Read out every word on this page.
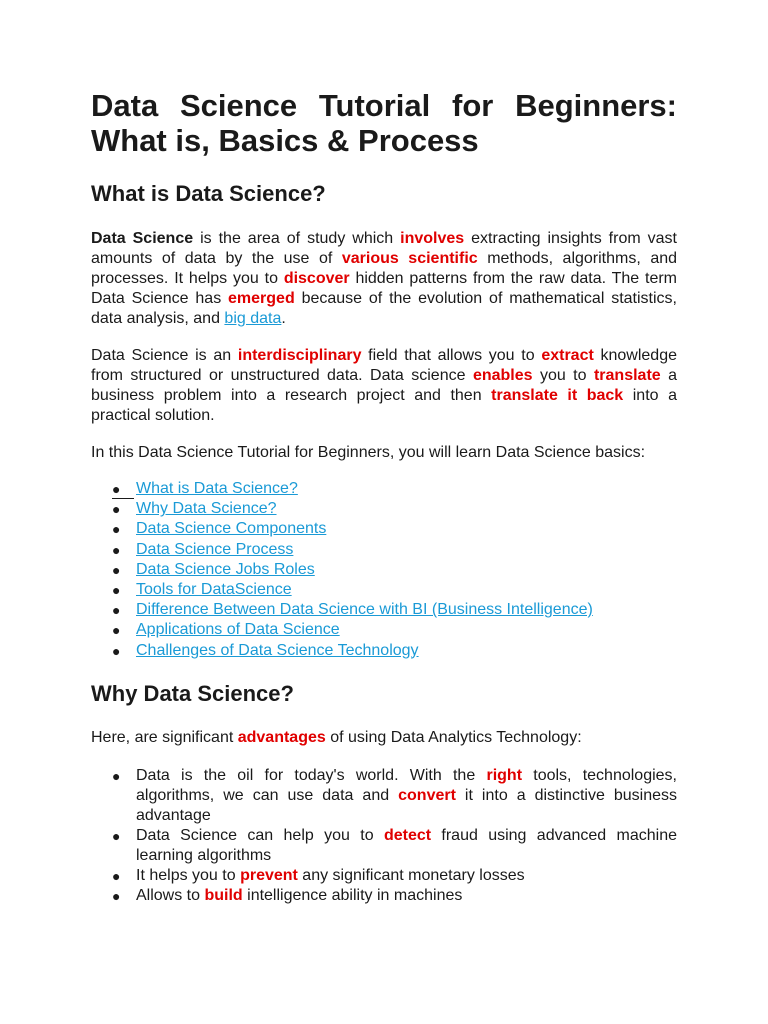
Data Science Tutorial for Beginners: What is, Basics & Process
What is Data Science?

Data Science is the area of study which involves extracting insights from vast amounts of data by the use of various scientific methods, algorithms, and processes. It helps you to discover hidden patterns from the raw data. The term Data Science has emerged because of the evolution of mathematical statistics, data analysis, and big data.

Data Science is an interdisciplinary field that allows you to extract knowledge from structured or unstructured data. Data science enables you to translate a business problem into a research project and then translate it back into a practical solution.

In this Data Science Tutorial for Beginners, you will learn Data Science basics:

● What is Data Science?
● Why Data Science?
● Data Science Components
● Data Science Process
● Data Science Jobs Roles
● Tools for DataScience
● Difference Between Data Science with BI (Business Intelligence)
● Applications of Data Science
● Challenges of Data Science Technology
Why Data Science?

Here, are significant advantages of using Data Analytics Technology:

● Data is the oil for today's world. With the right tools, technologies, algorithms, we can use data and convert it into a distinctive business advantage
● Data Science can help you to detect fraud using advanced machine learning algorithms
● It helps you to prevent any significant monetary losses
● Allows to build intelligence ability in machines
